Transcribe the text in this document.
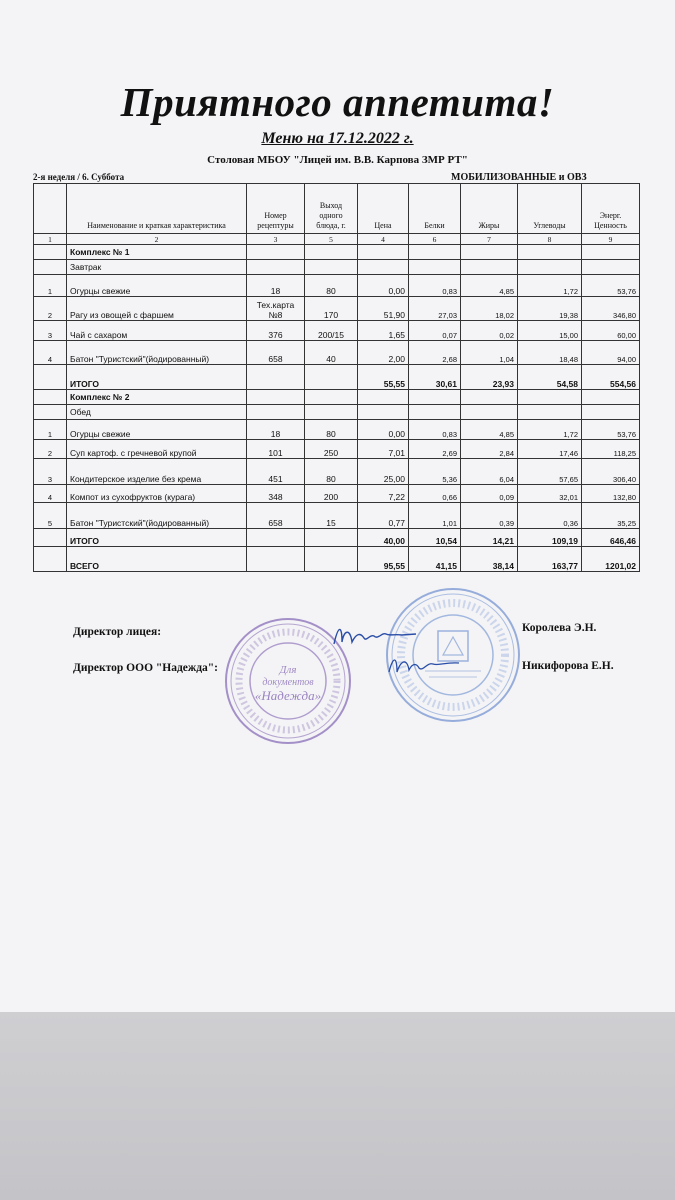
Приятного аппетита!
Меню на 17.12.2022 г.
Столовая МБОУ "Лицей им. В.В. Карпова ЗМР РТ"
2-я неделя / 6. Суббота	МОБИЛИЗОВАННЫЕ и ОВЗ
	Наименование и краткая характеристика	Номер рецептуры	Выход одного блюда, г.	Цена	Белки	Жиры	Углеводы	Энерг. Ценность
1	2	3	5	4	6	7	8	9
	Комплекс № 1							
	Завтрак							
1	Огурцы свежие	18	80	0,00	0,83	4,85	1,72	53,76
2	Рагу из овощей с фаршем	Тех.карта №8	170	51,90	27,03	18,02	19,38	346,80
3	Чай с сахаром	376	200/15	1,65	0,07	0,02	15,00	60,00
4	Батон "Туристский"(йодированный)	658	40	2,00	2,68	1,04	18,48	94,00
	ИТОГО			55,55	30,61	23,93	54,58	554,56
	Комплекс № 2							
	Обед							
1	Огурцы свежие	18	80	0,00	0,83	4,85	1,72	53,76
2	Суп картоф. с гречневой крупой	101	250	7,01	2,69	2,84	17,46	118,25
3	Кондитерское изделие без крема	451	80	25,00	5,36	6,04	57,65	306,40
4	Компот из сухофруктов (курага)	348	200	7,22	0,66	0,09	32,01	132,80
5	Батон "Туристский"(йодированный)	658	15	0,77	1,01	0,39	0,36	35,25
	ИТОГО			40,00	10,54	14,21	109,19	646,46
	ВСЕГО			95,55	41,15	38,14	163,77	1201,02
Для
документов
«Надежда»
Директор лицея:	Королева Э.Н.
Директор ООО "Надежда":	Никифорова Е.Н.
